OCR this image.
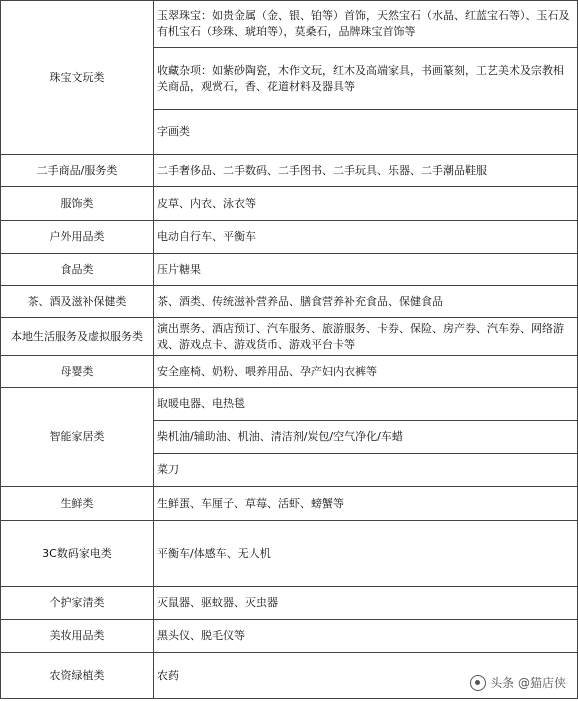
珠宝文玩类	玉翠珠宝：如贵金属（金、银、铂等）首饰，天然宝石（水晶、红蓝宝石等）、玉石及有机宝石（珍珠、琥珀等），莫桑石，品牌珠宝首饰等
	收藏杂项：如紫砂陶瓷，木作文玩，红木及高端家具，书画篆刻，工艺美术及宗教相关商品，观赏石，香、花道材料及器具等
	字画类
二手商品/服务类	二手奢侈品、二手数码、二手图书、二手玩具、乐器、二手潮品鞋服
服饰类	皮草、内衣、泳衣等
户外用品类	电动自行车、平衡车
食品类	压片糖果
茶、酒及滋补保健类	茶、酒类、传统滋补营养品、膳食营养补充食品、保健食品
本地生活服务及虚拟服务类	演出票务、酒店预订、汽车服务、旅游服务、卡券、保险、房产券、汽车券、网络游戏、游戏点卡、游戏货币、游戏平台卡等
母婴类	安全座椅、奶粉、喂养用品、孕产妇内衣裤等
智能家居类	取暖电器、电热毯
	柴机油/辅助油、机油、清洁剂/炭包/空气净化/车蜡
	菜刀
生鲜类	生鲜蛋、车厘子、草莓、活虾、螃蟹等
3C数码家电类	平衡车/体感车、无人机
个护家清类	灭鼠器、驱蚊器、灭虫器
美妆用品类	黑头仪、脱毛仪等
农资绿植类	农药
头条 @猫店侠
